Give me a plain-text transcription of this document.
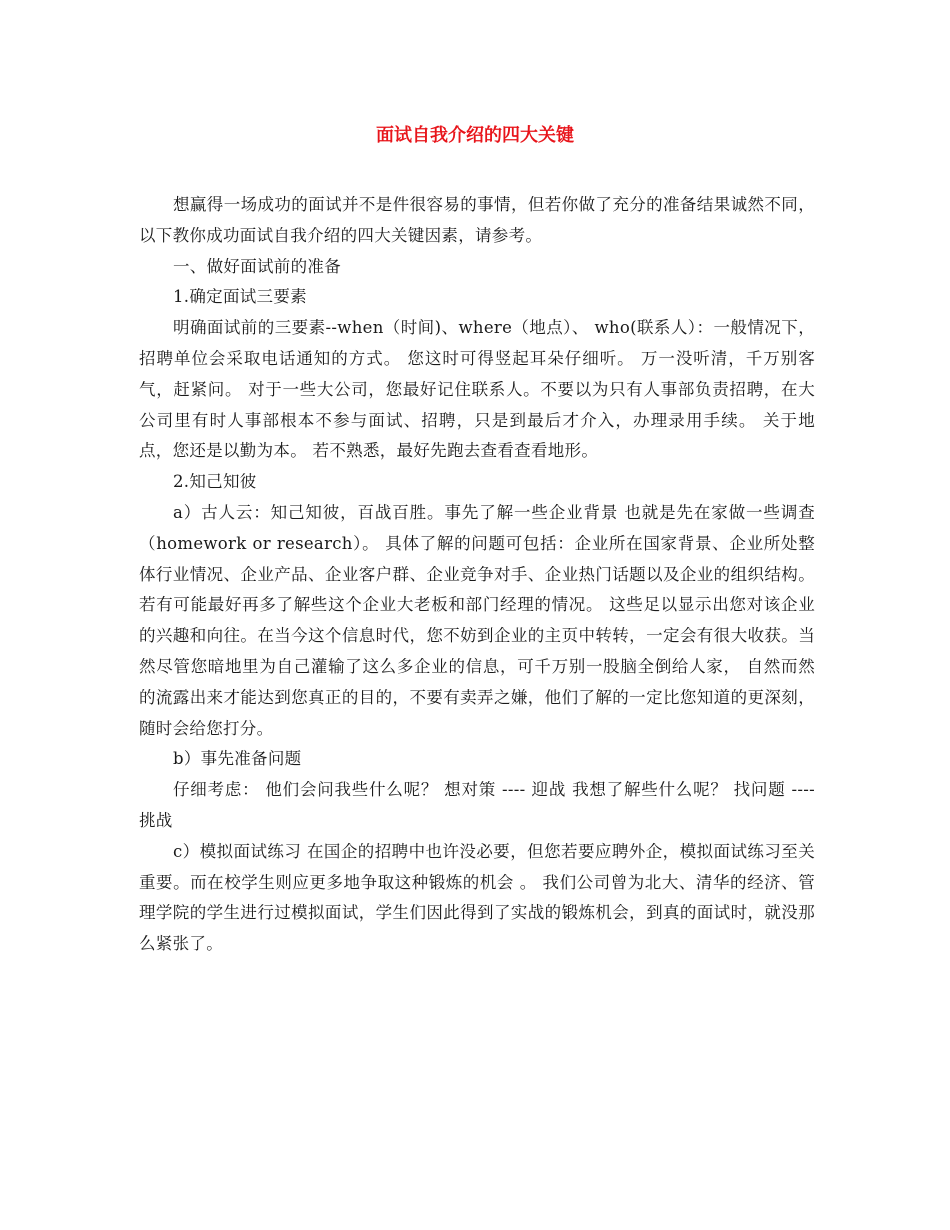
面试自我介绍的四大关键

想赢得一场成功的面试并不是件很容易的事情，但若你做了充分的准备结果诚然不同，以下教你成功面试自我介绍的四大关键因素，请参考。

一、做好面试前的准备

1.确定面试三要素

明确面试前的三要素--when（时间)、where（地点）、 who(联系人）：一般情况下，招聘单位会采取电话通知的方式。 您这时可得竖起耳朵仔细听。 万一没听清，千万别客气，赶紧问。 对于一些大公司，您最好记住联系人。不要以为只有人事部负责招聘，在大公司里有时人事部根本不参与面试、招聘，只是到最后才介入，办理录用手续。 关于地点，您还是以勤为本。 若不熟悉，最好先跑去查看查看地形。

2.知己知彼

a）古人云：知己知彼，百战百胜。事先了解一些企业背景 也就是先在家做一些调查（homework or research）。 具体了解的问题可包括：企业所在国家背景、企业所处整体行业情况、企业产品、企业客户群、企业竞争对手、企业热门话题以及企业的组织结构。 若有可能最好再多了解些这个企业大老板和部门经理的情况。 这些足以显示出您对该企业的兴趣和向往。在当今这个信息时代，您不妨到企业的主页中转转，一定会有很大收获。当然尽管您暗地里为自己灌输了这么多企业的信息，可千万别一股脑全倒给人家， 自然而然的流露出来才能达到您真正的目的，不要有卖弄之嫌，他们了解的一定比您知道的更深刻，随时会给您打分。

b）事先准备问题

仔细考虑： 他们会问我些什么呢？ 想对策 ---- 迎战 我想了解些什么呢？ 找问题 ---- 挑战

c）模拟面试练习 在国企的招聘中也许没必要，但您若要应聘外企，模拟面试练习至关重要。而在校学生则应更多地争取这种锻炼的机会 。 我们公司曾为北大、清华的经济、管理学院的学生进行过模拟面试，学生们因此得到了实战的锻炼机会，到真的面试时，就没那么紧张了。
